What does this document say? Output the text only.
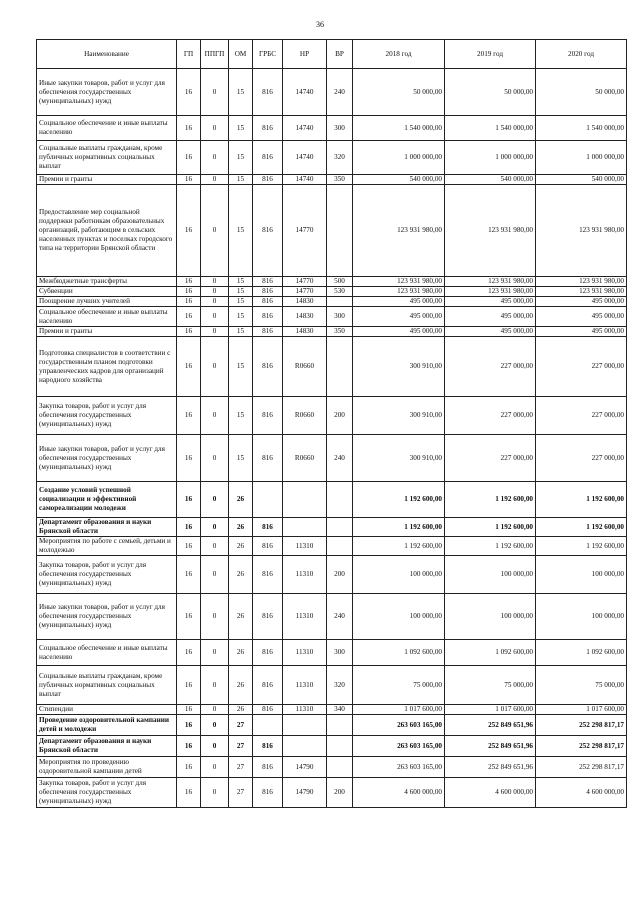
36
Наименование	ГП	ППГП	ОМ	ГРБС	НР	ВР	2018 год	2019 год	2020 год
Иные закупки товаров, работ и услуг для обеспечения государственных (муниципальных) нужд	16	0	15	816	14740	240	50 000,00	50 000,00	50 000,00
Социальное обеспечение и иные выплаты населению	16	0	15	816	14740	300	1 540 000,00	1 540 000,00	1 540 000,00
Социальные выплаты гражданам, кроме публичных нормативных социальных выплат	16	0	15	816	14740	320	1 000 000,00	1 000 000,00	1 000 000,00
Премии и гранты	16	0	15	816	14740	350	540 000,00	540 000,00	540 000,00
Предоставление мер социальной поддержки работникам образовательных организаций, работающим в сельских населенных пунктах и поселках городского типа на территории Брянской области	16	0	15	816	14770		123 931 980,00	123 931 980,00	123 931 980,00
Межбюджетные трансферты	16	0	15	816	14770	500	123 931 980,00	123 931 980,00	123 931 980,00
Субвенции	16	0	15	816	14770	530	123 931 980,00	123 931 980,00	123 931 980,00
Поощрение лучших учителей	16	0	15	816	14830		495 000,00	495 000,00	495 000,00
Социальное обеспечение и иные выплаты населению	16	0	15	816	14830	300	495 000,00	495 000,00	495 000,00
Премии и гранты	16	0	15	816	14830	350	495 000,00	495 000,00	495 000,00
Подготовка специалистов в соответствии с государственным планом подготовки управленческих кадров для организаций народного хозяйства	16	0	15	816	R0660		300 910,00	227 000,00	227 000,00
Закупка товаров, работ и услуг для обеспечения государственных (муниципальных) нужд	16	0	15	816	R0660	200	300 910,00	227 000,00	227 000,00
Иные закупки товаров, работ и услуг для обеспечения государственных (муниципальных) нужд	16	0	15	816	R0660	240	300 910,00	227 000,00	227 000,00
Создание условий успешной социализации и эффективной самореализации молодежи	16	0	26				1 192 600,00	1 192 600,00	1 192 600,00
Департамент образования и науки Брянской области	16	0	26	816			1 192 600,00	1 192 600,00	1 192 600,00
Мероприятия по работе с семьей, детьми и молодежью	16	0	26	816	11310		1 192 600,00	1 192 600,00	1 192 600,00
Закупка товаров, работ и услуг для обеспечения государственных (муниципальных) нужд	16	0	26	816	11310	200	100 000,00	100 000,00	100 000,00
Иные закупки товаров, работ и услуг для обеспечения государственных (муниципальных) нужд	16	0	26	816	11310	240	100 000,00	100 000,00	100 000,00
Социальное обеспечение и иные выплаты населению	16	0	26	816	11310	300	1 092 600,00	1 092 600,00	1 092 600,00
Социальные выплаты гражданам, кроме публичных нормативных социальных выплат	16	0	26	816	11310	320	75 000,00	75 000,00	75 000,00
Стипендии	16	0	26	816	11310	340	1 017 600,00	1 017 600,00	1 017 600,00
Проведение оздоровительной кампании детей и молодежи	16	0	27				263 603 165,00	252 849 651,96	252 298 817,17
Департамент образования и науки Брянской области	16	0	27	816			263 603 165,00	252 849 651,96	252 298 817,17
Мероприятия по проведению оздоровительной кампании детей	16	0	27	816	14790		263 603 165,00	252 849 651,96	252 298 817,17
Закупка товаров, работ и услуг для обеспечения государственных (муниципальных) нужд	16	0	27	816	14790	200	4 600 000,00	4 600 000,00	4 600 000,00
